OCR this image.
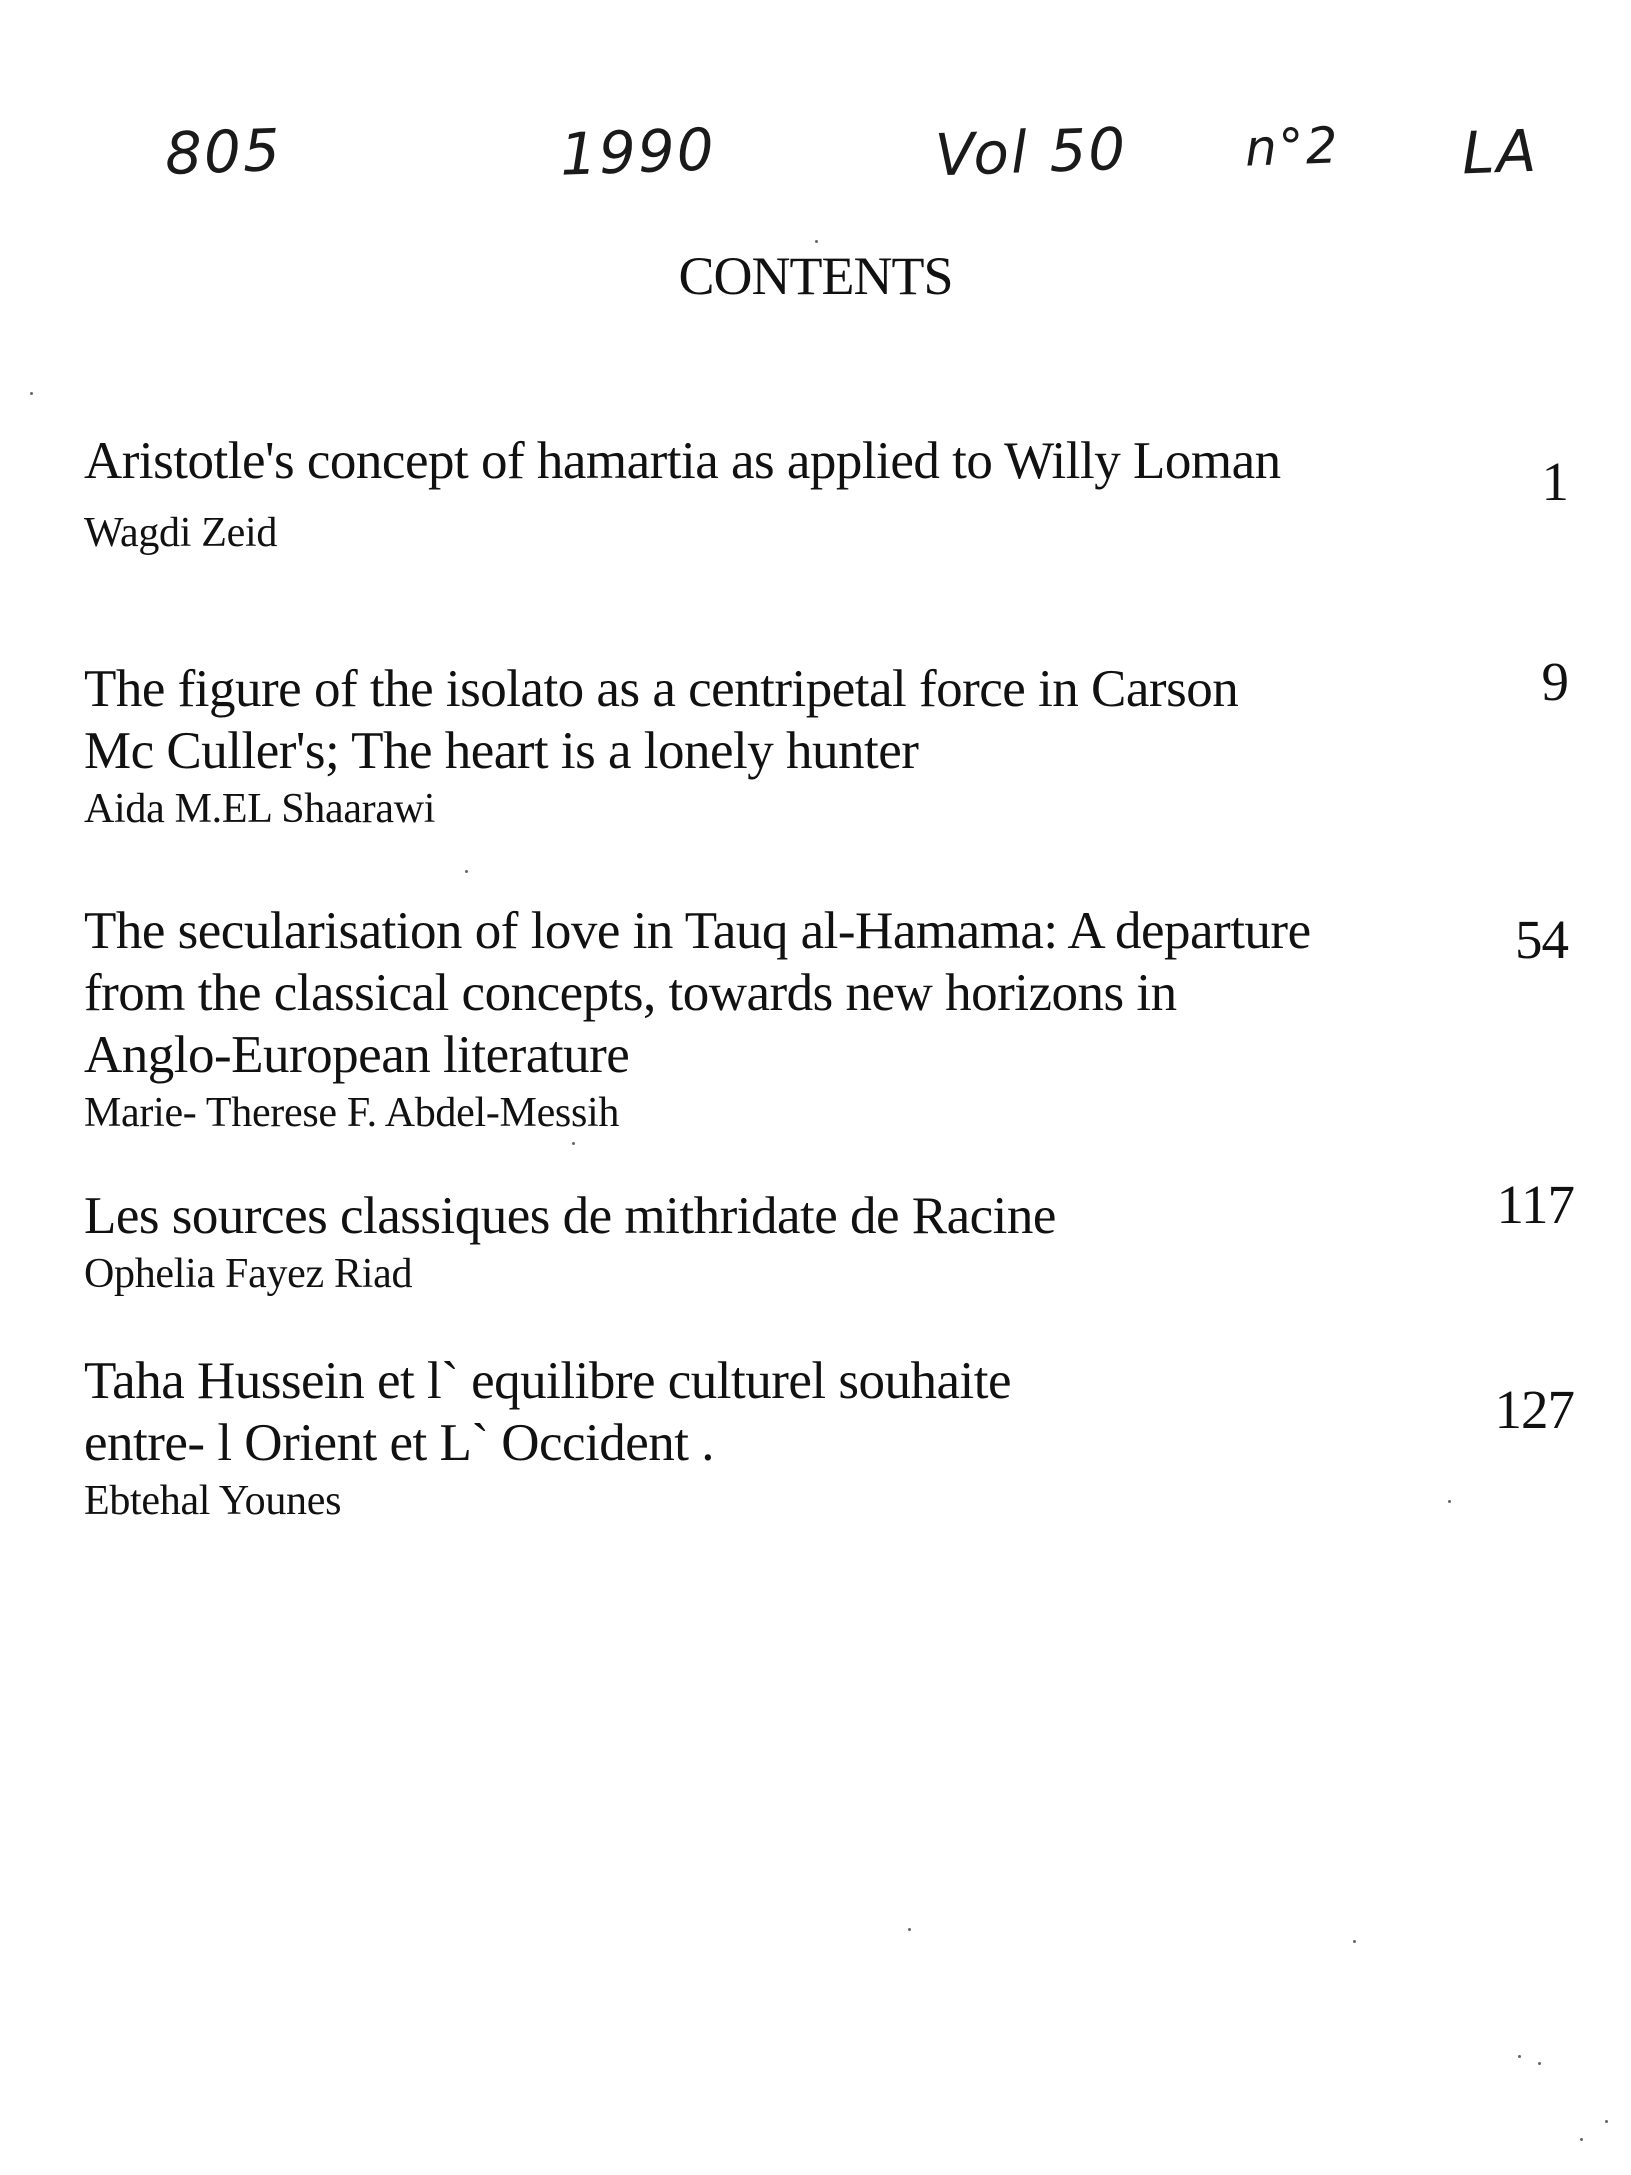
805	1990	Vol 50 n°2 LA
CONTENTS

Aristotle's concept of hamartia as applied to Willy Loman

Wagdi Zeid

1

The figure of the isolato as a centripetal force in Carson
Mc Culler's; The heart is a lonely hunter

Aida M.EL Shaarawi

9

The secularisation of love in Tauq al-Hamama: A departure
from the classical concepts, towards new horizons in
Anglo-European literature

Marie- Therese F. Abdel-Messih

54

Les sources classiques de mithridate de Racine

Ophelia Fayez Riad

117

Taha Hussein et l` equilibre culturel souhaite
entre- l Orient et L` Occident .

Ebtehal Younes

127
